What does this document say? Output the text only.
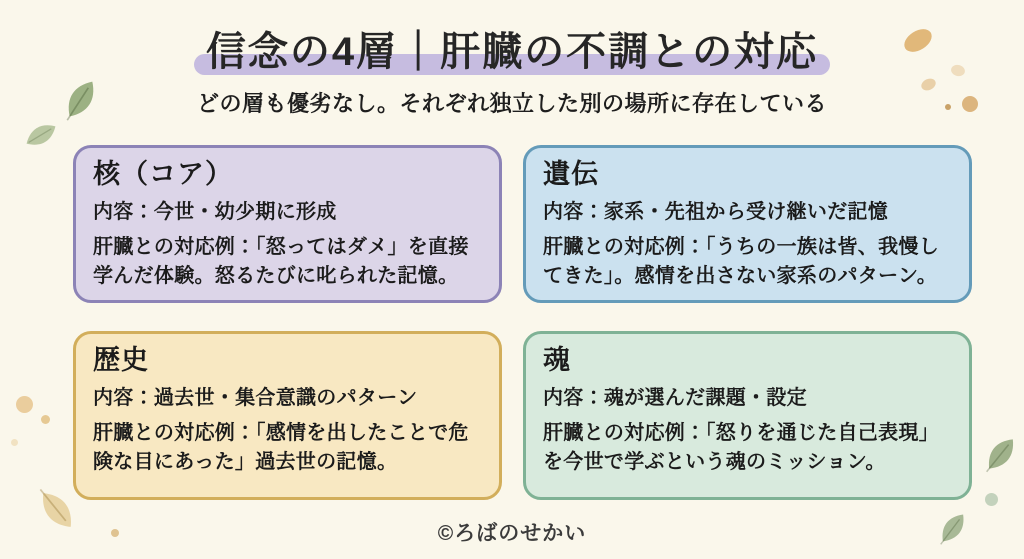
信念の4層｜肝臓の不調との対応

どの層も優劣なし。それぞれ独立した別の場所に存在している

核（コア）

内容：今世・幼少期に形成

肝臓との対応例：「怒ってはダメ」を直接学んだ体験。怒るたびに叱られた記憶。

遺伝

内容：家系・先祖から受け継いだ記憶

肝臓との対応例：「うちの一族は皆、我慢してきた」。感情を出さない家系のパターン。

歴史

内容：過去世・集合意識のパターン

肝臓との対応例：「感情を出したことで危険な目にあった」過去世の記憶。

魂

内容：魂が選んだ課題・設定

肝臓との対応例：「怒りを通じた自己表現」を今世で学ぶという魂のミッション。

©ろばのせかい
